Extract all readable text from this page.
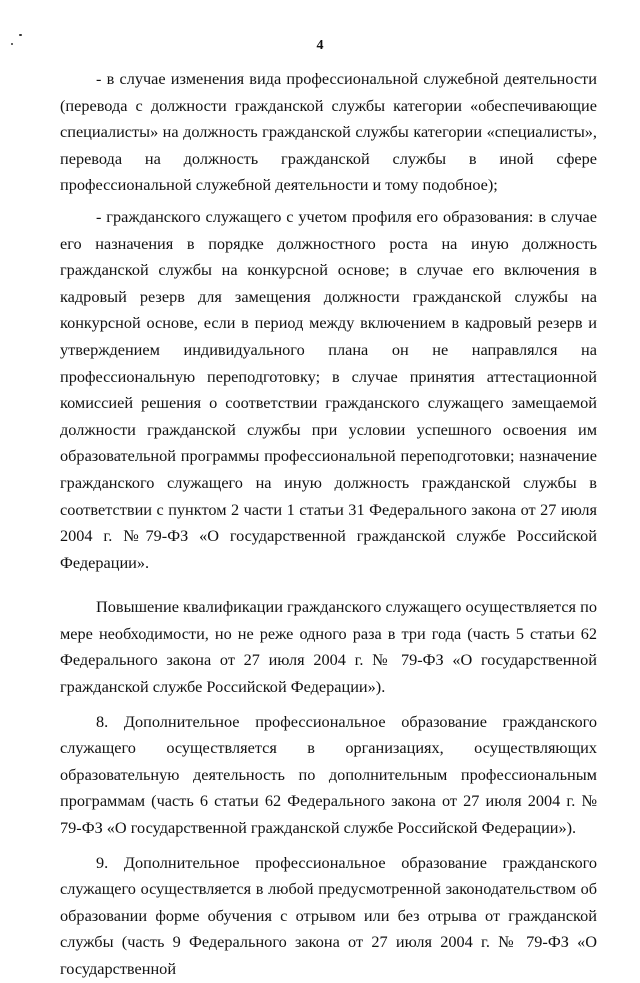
4

- в случае изменения вида профессиональной служебной деятельности (перевода с должности гражданской службы категории «обеспечивающие специалисты» на должность гражданской службы категории «специалисты», перевода на должность гражданской службы в иной сфере профессиональной служебной деятельности и тому подобное);

- гражданского служащего с учетом профиля его образования: в случае его назначения в порядке должностного роста на иную должность гражданской службы на конкурсной основе; в случае его включения в кадровый резерв для замещения должности гражданской службы на конкурсной основе, если в период между включением в кадровый резерв и утверждением индивидуального плана он не направлялся на профессиональную переподготовку; в случае принятия аттестационной комиссией решения о соответствии гражданского служащего замещаемой должности гражданской службы при условии успешного освоения им образовательной программы профессиональной переподготовки; назначение гражданского служащего на иную должность гражданской службы в соответствии с пунктом 2 части 1 статьи 31 Федерального закона от 27 июля 2004 г. №79-ФЗ «О государственной гражданской службе Российской Федерации».

Повышение квалификации гражданского служащего осуществляется по мере необходимости, но не реже одного раза в три года (часть 5 статьи 62 Федерального закона от 27 июля 2004 г. № 79-ФЗ «О государственной гражданской службе Российской Федерации»).

8. Дополнительное профессиональное образование гражданского служащего осуществляется в организациях, осуществляющих образовательную деятельность по дополнительным профессиональным программам (часть 6 статьи 62 Федерального закона от 27 июля 2004 г. № 79-ФЗ «О государственной гражданской службе Российской Федерации»).

9. Дополнительное профессиональное образование гражданского служащего осуществляется в любой предусмотренной законодательством об образовании форме обучения с отрывом или без отрыва от гражданской службы (часть 9 Федерального закона от 27 июля 2004 г. № 79-ФЗ «О государственной
